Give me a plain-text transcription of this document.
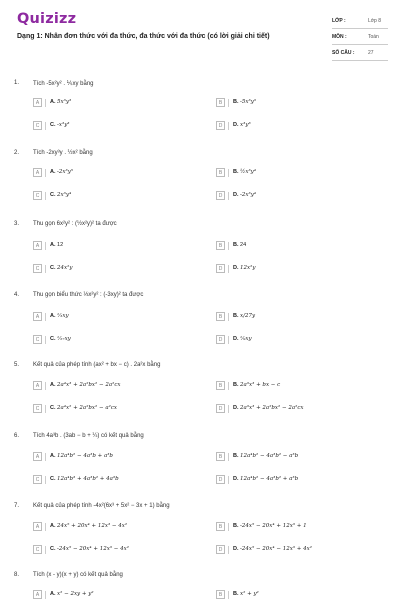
Quizizz
Dạng 1: Nhân đơn thức với đa thức, đa thức với đa thức (có lời giải chi tiết)
LỚP :	Lớp 8
MÔN :	Toán
SỐ CÂU :	27
1. Tích -5x²y² . ⅕xy bằng
A	A. 5x³y³	B	B. -5x³y³
C	C. -x³y³	D	D. x³y³
2. Tích -2xy³y . ½x² bằng
A	A. -2x³y⁵	B	B. ½x³y⁴
C	C. 2x³y⁴	D	D. -2x³y⁴
3. Thu gọn 6x²y² : (½x²y)² ta được
A	A. 12	B	B. 24
C	C. 24x²y	D	D. 12x²y
4. Thu gọn biểu thức ⅓x²y² : (-3xy)² ta được
A	A. ⅟₃xy	B	B. x/27y
C	C. ⅟₂₇xy	D	D. ⅟₉xy
5. Kết quả của phép tính (ax² + bx − c) . 2a²x bằng
A	A. 2a⁴x³ + 2a²bx² − 2a²cx	B	B. 2a³x³ + bx − c
C	C. 2a⁴x² + 2a²bx² − a²cx	D	D. 2a³x³ + 2a²bx² − 2a²cx
6. Tích 4a³b . (3ab − b + ¼) có kết quả bằng
A	A. 12a⁴b² − 4a³b + a³b	B	B. 12a⁴b² − 4a³b² − a³b
C	C. 12a⁴b³ + 4a³b² + 4a³b	D	D. 12a⁴b² − 4a³b² + a³b
7. Kết quả của phép tính -4x²(6x³ + 5x² − 3x + 1) bằng
A	A. 24x⁵ + 20x⁴ + 12x³ − 4x²	B	B. -24x⁵ − 20x⁴ + 12x³ + 1
C	C. -24x⁵ − 20x⁴ + 12x³ − 4x²	D	D. -24x⁵ − 20x⁴ − 12x³ + 4x²
8. Tích (x - y)(x + y) có kết quả bằng
A	A. x² − 2xy + y²	B	B. x² + y²
